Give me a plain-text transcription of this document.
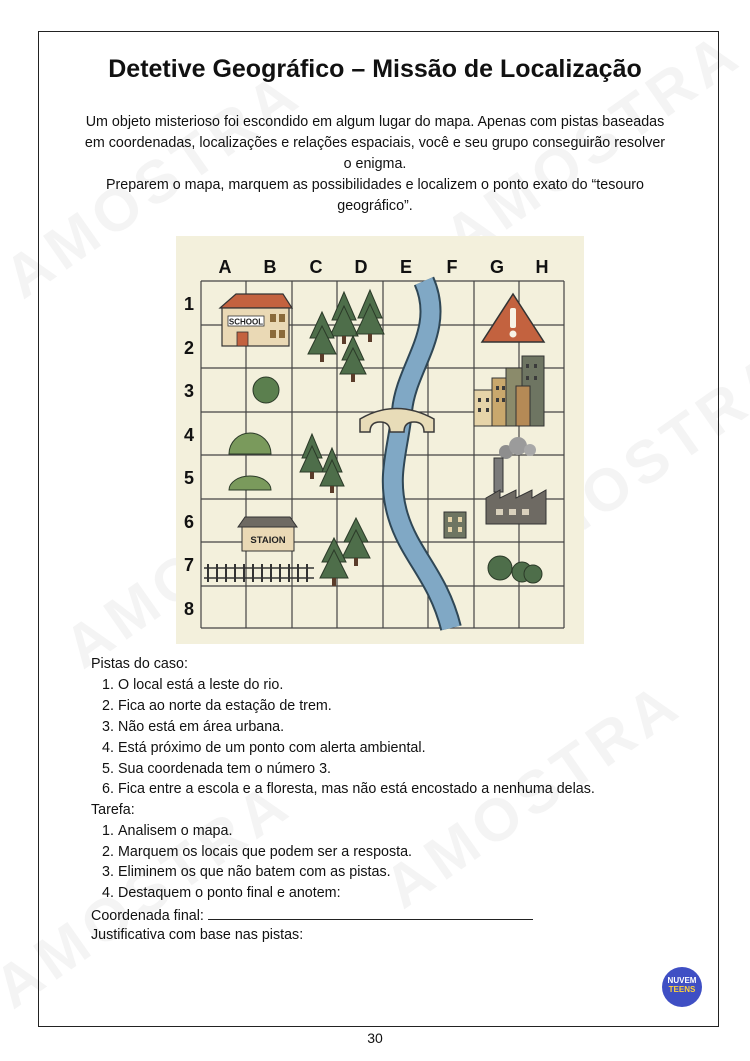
Detetive Geográfico – Missão de Localização

Um objeto misterioso foi escondido em algum lugar do mapa. Apenas com pistas baseadas em coordenadas, localizações e relações espaciais, você e seu grupo conseguirão resolver o enigma.

Preparem o mapa, marquem as possibilidades e localizem o ponto exato do “tesouro geográfico”.

A B C D E F G H
1
2
3
4
5
6
7
8
SCHOOL
STAION
Pistas do caso:
1. O local está a leste do rio.
2. Fica ao norte da estação de trem.
3. Não está em área urbana.
4. Está próximo de um ponto com alerta ambiental.
5. Sua coordenada tem o número 3.
6. Fica entre a escola e a floresta, mas não está encostado a nenhuma delas.
Tarefa:
1. Analisem o mapa.
2. Marquem os locais que podem ser a resposta.
3. Eliminem os que não batem com as pistas.
4. Destaquem o ponto final e anotem:
Coordenada final:
Justificativa com base nas pistas:
NUVEM
TEENS
30
